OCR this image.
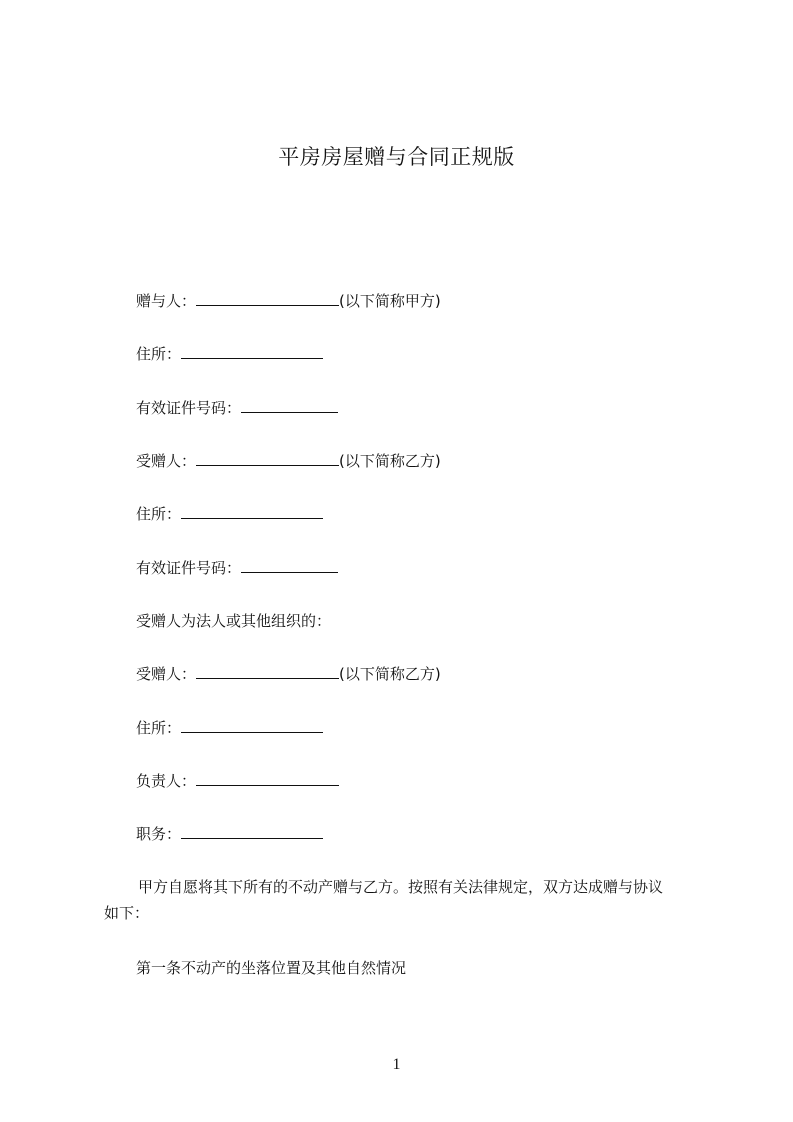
平房房屋赠与合同正规版
赠与人：	(以下简称甲方)
住所：
有效证件号码：
受赠人：	(以下简称乙方)
住所：
有效证件号码：
受赠人为法人或其他组织的：
受赠人：	(以下简称乙方)
住所：
负责人：
职务：
甲方自愿将其下所有的不动产赠与乙方。按照有关法律规定，双方达成赠与协议
如下：
第一条不动产的坐落位置及其他自然情况
1
